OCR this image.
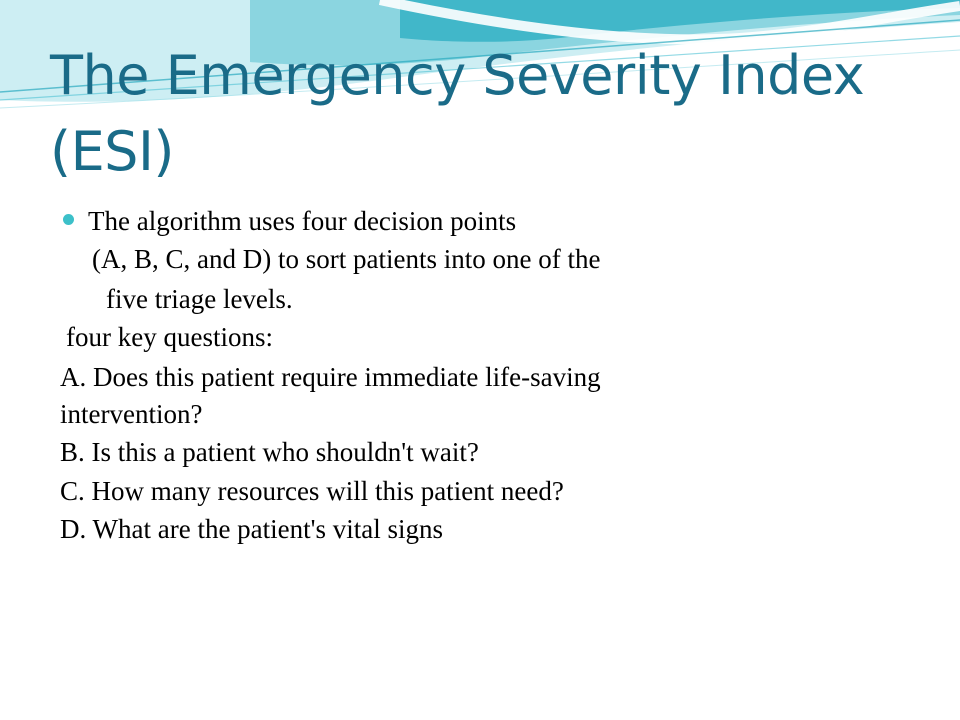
The Emergency Severity Index
(ESI)
The algorithm uses four decision points
(A, B, C, and D) to sort patients into one of the
five triage levels.
four key questions:
A. Does this patient require immediate life-saving
intervention?
B. Is this a patient who shouldn't wait?
C. How many resources will this patient need?
D. What are the patient's vital signs
